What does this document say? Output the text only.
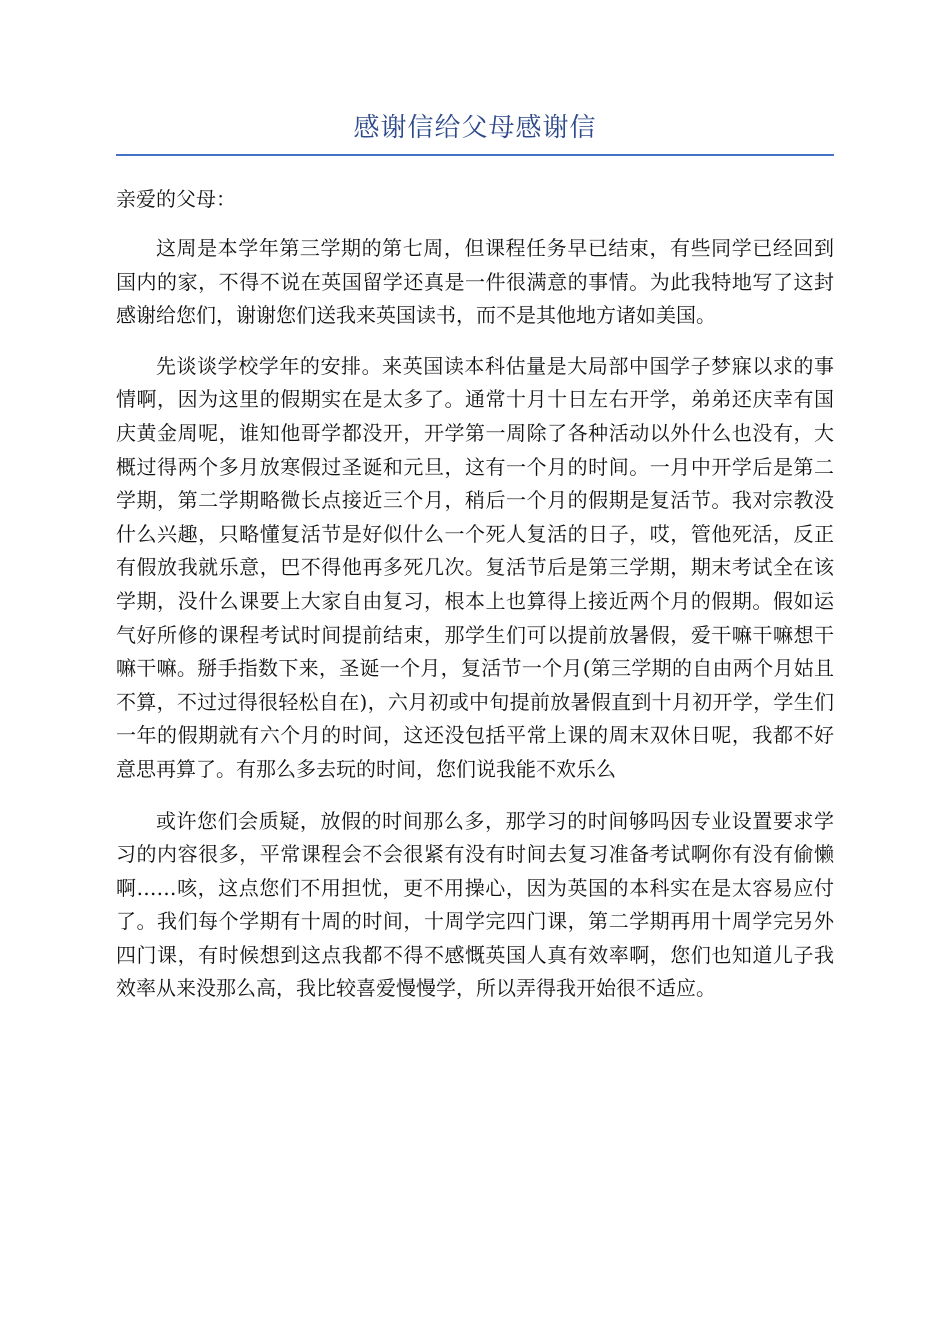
感谢信给父母感谢信

亲爱的父母：

这周是本学年第三学期的第七周，但课程任务早已结束，有些同学已经回到国内的家，不得不说在英国留学还真是一件很满意的事情。为此我特地写了这封感谢给您们，谢谢您们送我来英国读书，而不是其他地方诸如美国。

先谈谈学校学年的安排。来英国读本科估量是大局部中国学子梦寐以求的事情啊，因为这里的假期实在是太多了。通常十月十日左右开学，弟弟还庆幸有国庆黄金周呢，谁知他哥学都没开，开学第一周除了各种活动以外什么也没有，大概过得两个多月放寒假过圣诞和元旦，这有一个月的时间。一月中开学后是第二学期，第二学期略微长点接近三个月，稍后一个月的假期是复活节。我对宗教没什么兴趣，只略懂复活节是好似什么一个死人复活的日子，哎，管他死活，反正有假放我就乐意，巴不得他再多死几次。复活节后是第三学期，期末考试全在该学期，没什么课要上大家自由复习，根本上也算得上接近两个月的假期。假如运气好所修的课程考试时间提前结束，那学生们可以提前放暑假，爱干嘛干嘛想干嘛干嘛。掰手指数下来，圣诞一个月，复活节一个月(第三学期的自由两个月姑且不算，不过过得很轻松自在)，六月初或中旬提前放暑假直到十月初开学，学生们一年的假期就有六个月的时间，这还没包括平常上课的周末双休日呢，我都不好意思再算了。有那么多去玩的时间，您们说我能不欢乐么

或许您们会质疑，放假的时间那么多，那学习的时间够吗因专业设置要求学习的内容很多，平常课程会不会很紧有没有时间去复习准备考试啊你有没有偷懒啊……咳，这点您们不用担忧，更不用操心，因为英国的本科实在是太容易应付了。我们每个学期有十周的时间，十周学完四门课，第二学期再用十周学完另外四门课，有时候想到这点我都不得不感慨英国人真有效率啊，您们也知道儿子我效率从来没那么高，我比较喜爱慢慢学，所以弄得我开始很不适应。
